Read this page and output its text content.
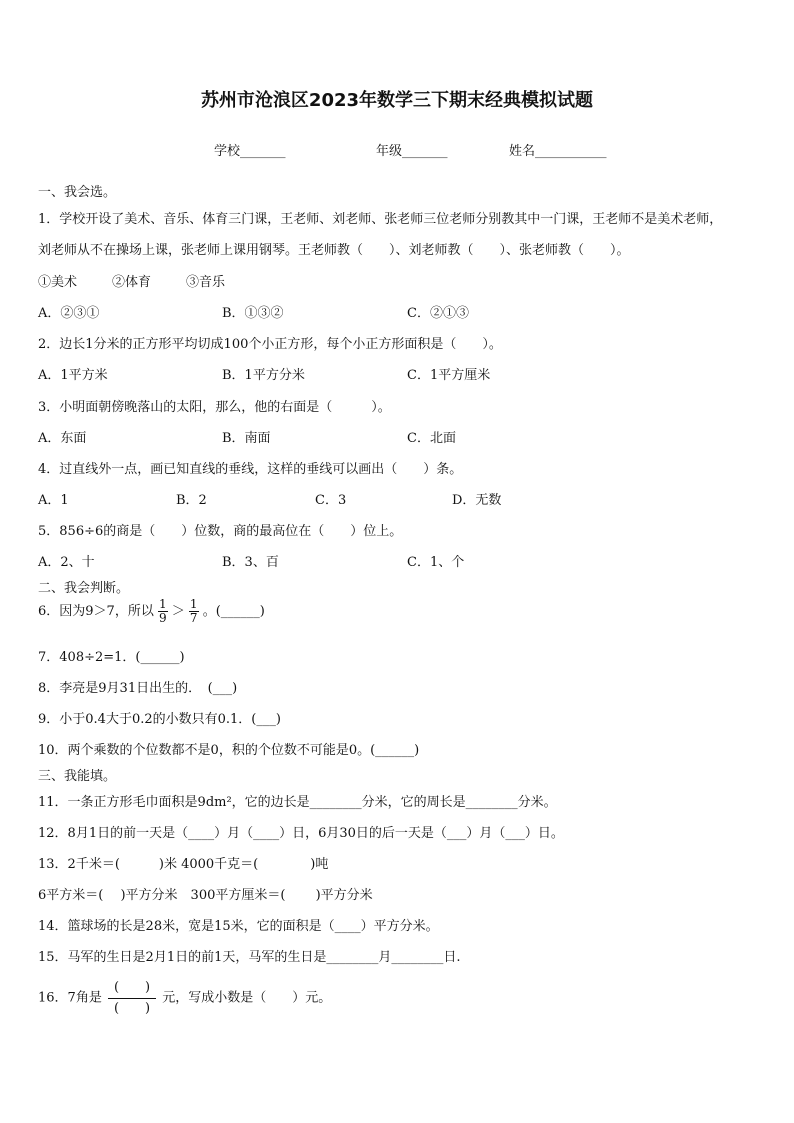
苏州市沧浪区2023年数学三下期末经典模拟试题
学校_______	年级_______	姓名___________
一、我会选。
1．学校开设了美术、音乐、体育三门课，王老师、刘老师、张老师三位老师分别教其中一门课，王老师不是美术老师，
刘老师从不在操场上课，张老师上课用钢琴。王老师教（　　）、刘老师教（　　）、张老师教（　　）。
①美术	②体育	③音乐
A．②③①	B．①③②	C．②①③
2．边长1分米的正方形平均切成100个小正方形，每个小正方形面积是（　　）。
A．1平方米	B．1平方分米	C．1平方厘米
3．小明面朝傍晚落山的太阳，那么，他的右面是（　　　）。
A．东面	B．南面	C．北面
4．过直线外一点，画已知直线的垂线，这样的垂线可以画出（　　）条。
A．1	B．2	C．3	D．无数
5．856÷6的商是（　　）位数，商的最高位在（　　）位上。
A．2、十	B．3、百	C．1、个
二、我会判断。
6．因为9＞7，所以 $\frac{1}{9} > \frac{1}{7}$ 。(______)
7．408÷2=1．(______)
8．李亮是9月31日出生的．　(___)
9．小于0.4大于0.2的小数只有0.1．(___)
10．两个乘数的个位数都不是0，积的个位数不可能是0。(______)
三、我能填。
11．一条正方形毛巾面积是9dm²，它的边长是________分米，它的周长是________分米。
12．8月1日的前一天是（____）月（____）日，6月30日的后一天是（___）月（___）日。
13．2千米＝(　　　)米 4000千克＝(　　　　)吨
6平方米＝(　 )平方分米　300平方厘米＝(　　 )平方分米
14．篮球场的长是28米，宽是15米，它的面积是（____）平方分米。
15．马军的生日是2月1日的前1天，马军的生日是________月________日.
16．7角是 $\frac{( )}{( )}$ 元，写成小数是（　　）元。
